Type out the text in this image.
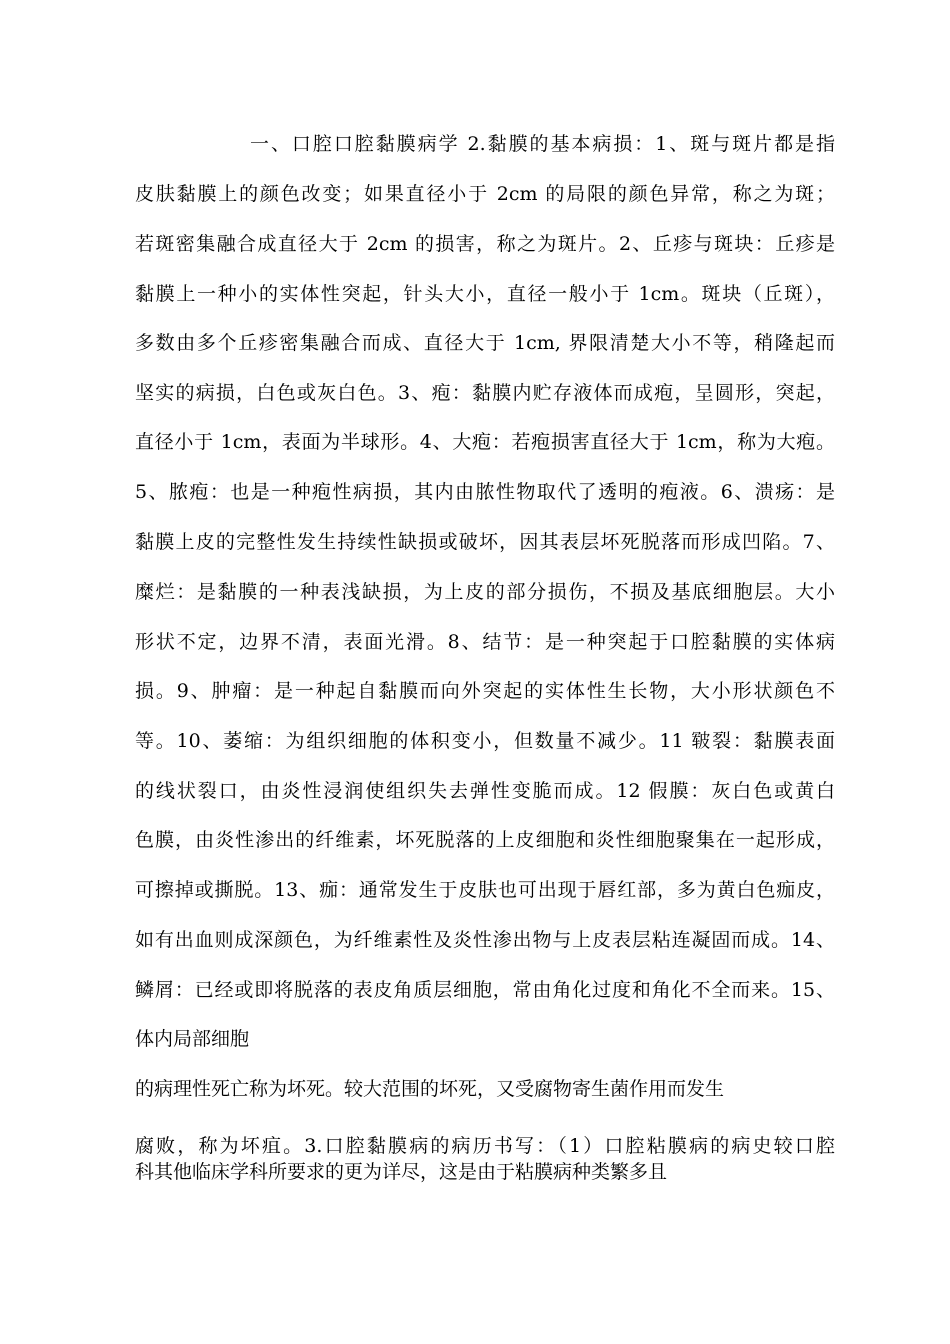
一、口腔口腔黏膜病学 2.黏膜的基本病损：1、斑与斑片都是指
皮肤黏膜上的颜色改变；如果直径小于 2cm 的局限的颜色异常，称之为斑；
若斑密集融合成直径大于 2cm 的损害，称之为斑片。2、丘疹与斑块：丘疹是
黏膜上一种小的实体性突起，针头大小，直径一般小于 1cm。斑块（丘斑），
多数由多个丘疹密集融合而成、直径大于 1cm, 界限清楚大小不等，稍隆起而
坚实的病损，白色或灰白色。3、疱：黏膜内贮存液体而成疱，呈圆形，突起，
直径小于 1cm，表面为半球形。4、大疱：若疱损害直径大于 1cm，称为大疱。
5、脓疱：也是一种疱性病损，其内由脓性物取代了透明的疱液。6、溃疡：是
黏膜上皮的完整性发生持续性缺损或破坏，因其表层坏死脱落而形成凹陷。7、
糜烂：是黏膜的一种表浅缺损，为上皮的部分损伤，不损及基底细胞层。大小
形状不定，边界不清，表面光滑。8、结节：是一种突起于口腔黏膜的实体病
损。9、肿瘤：是一种起自黏膜而向外突起的实体性生长物，大小形状颜色不
等。10、萎缩：为组织细胞的体积变小，但数量不减少。11 皲裂：黏膜表面
的线状裂口，由炎性浸润使组织失去弹性变脆而成。12 假膜：灰白色或黄白
色膜，由炎性渗出的纤维素，坏死脱落的上皮细胞和炎性细胞聚集在一起形成，
可擦掉或撕脱。13、痂：通常发生于皮肤也可出现于唇红部，多为黄白色痂皮，
如有出血则成深颜色，为纤维素性及炎性渗出物与上皮表层粘连凝固而成。14、
鳞屑：已经或即将脱落的表皮角质层细胞，常由角化过度和角化不全而来。15、
体内局部细胞
的病理性死亡称为坏死。较大范围的坏死，又受腐物寄生菌作用而发生
腐败，称为坏疽。3.口腔黏膜病的病历书写：（1）口腔粘膜病的病史较口腔
科其他临床学科所要求的更为详尽，这是由于粘膜病种类繁多且
